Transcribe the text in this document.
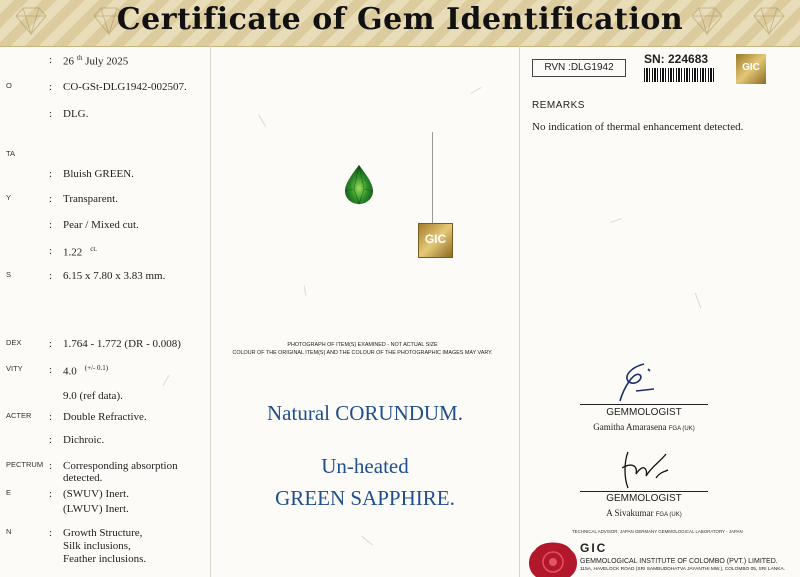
Certificate of Gem Identification
: 26 $^{th}$ July 2025
O	: CO-GSt-DLG1942-002507.
: DLG.
TA
: Bluish GREEN.
Y	: Transparent.
: Pear / Mixed cut.
: 1.22 $^{ct.}$
S	: 6.15 x 7.80 x 3.83 mm.
DEX	: 1.764 - 1.772 (DR - 0.008)
VITY : 4.0 $^{(+/- 0.1)}$
9.0 (ref data).
ACTER : Double Refractive.
: Dichroic.
PECTRUM : Corresponding absorption
detected.
E	: (SWUV) Inert.
(LWUV) Inert.
N	: Growth Structure,
Silk inclusions,
Feather inclusions.
GIC
PHOTOGRAPH OF ITEM(S) EXAMINED - NOT ACTUAL SIZE
COLOUR OF THE ORIGINAL ITEM(S) AND THE COLOUR OF THE PHOTOGRAPHIC IMAGES MAY VARY.
Natural CORUNDUM.
Un-heated
GREEN SAPPHIRE.
RVN :DLG1942
SN: 224683
GIC
REMARKS
No indication of thermal enhancement detected.
GEMMOLOGIST
Gamitha Amarasena FGA (UK)
GEMMOLOGIST
A Sivakumar FGA (UK)
TECHNICAL ADVISOR: JAPAN GERMANY GEMMOLOGICAL LABORATORY - JAPAN
GIC
GEMMOLOGICAL INSTITUTE OF COLOMBO (PVT.) LIMITED.
115A, HAVELOCK ROAD (SRI SAMBUDDHATVA JAYANTHI MW.), COLOMBO 05, SRI LANKA.
